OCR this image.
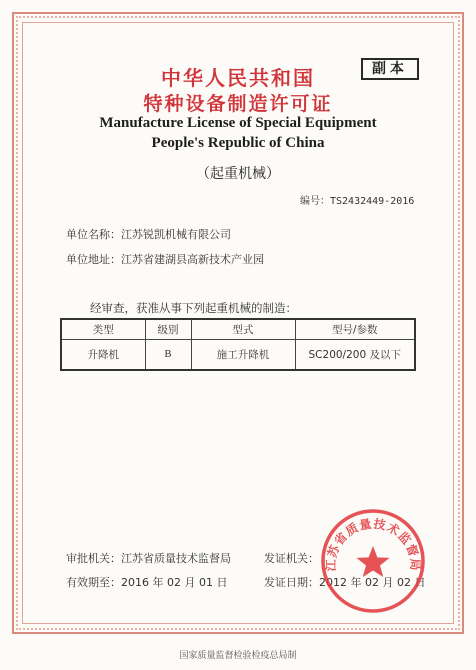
中华人民共和国
特种设备制造许可证
副本
Manufacture License of Special Equipment
People's Republic of China
（起重机械）
编号：TS2432449-2016
单位名称：江苏锐凯机械有限公司
单位地址：江苏省建湖县高新技术产业园
经审查，获准从事下列起重机械的制造：
类型	级别	型式	型号/参数
升降机	B	施工升降机	SC200/200 及以下
审批机关：江苏省质量技术监督局
有效期至：2016 年 02 月 01 日
发证机关：
发证日期：2012 年 02 月 02 日
江苏省质量技术监督局
国家质量监督检验检疫总局制
